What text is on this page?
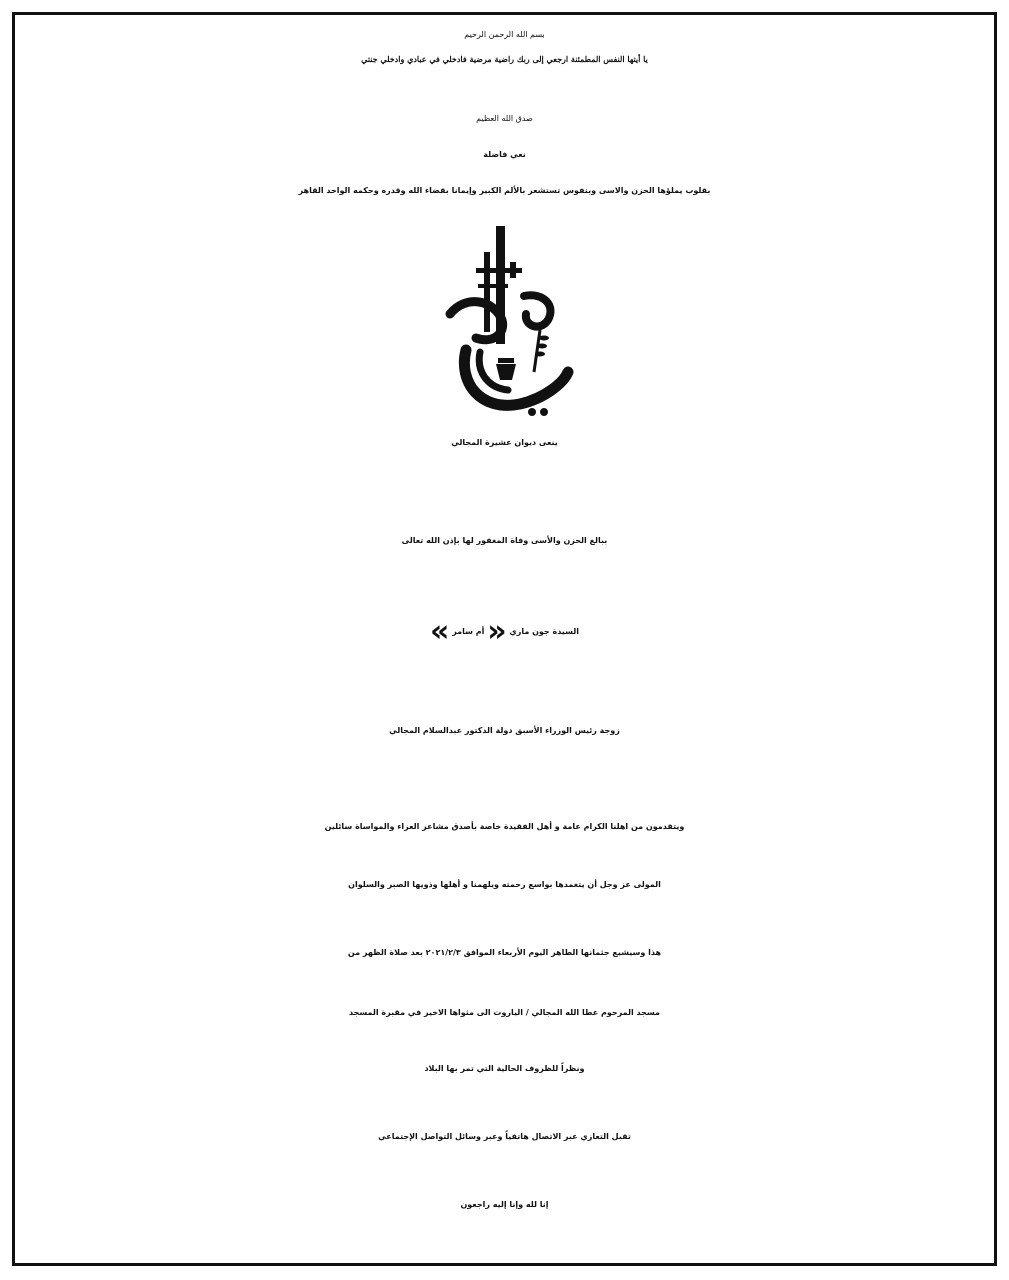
بسم الله الرحمن الرحيم
يا أيتها النفس المطمئنة ارجعي إلى ربك راضية مرضية فادخلي في عبادي وادخلي جنتي
صدق الله العظيم
نعي فاضلة
بقلوب يملؤها الحزن والاسى وبنفوس تستشعر بالألم الكبير وإيمانا بقضاء الله وقدره وحكمه الواحد القاهر
ينعى ديوان عشيرة المجالي
ببالغ الحزن والأسى وفاة المغفور لها بإذن الله تعالى
السيدة جون ماري « أم سامر »
زوجة رئيس الوزراء الأسبق دولة الدكتور عبدالسلام المجالي
ويتقدمون من اهلنا الكرام عامة و أهل الفقيدة خاصة بأصدق مشاعر العزاء والمواساة سائلين
المولى عز وجل أن يتغمدها بواسع رحمته ويلهمنا و أهلها وذويها الصبر والسلوان
هذا وسيشيع جثمانها الطاهر اليوم الأربعاء الموافق ٢٠٢١/٢/٣ بعد صلاة الظهر من
مسجد المرحوم عطا الله المجالي / الياروت الى مثواها الاخير في مقبرة المسجد
ونظراً للظروف الحالية التي تمر بها البلاد
تقبل التعازي عبر الاتصال هاتفياً وعبر وسائل التواصل الإجتماعي
إنا لله وإنا إليه راجعون
